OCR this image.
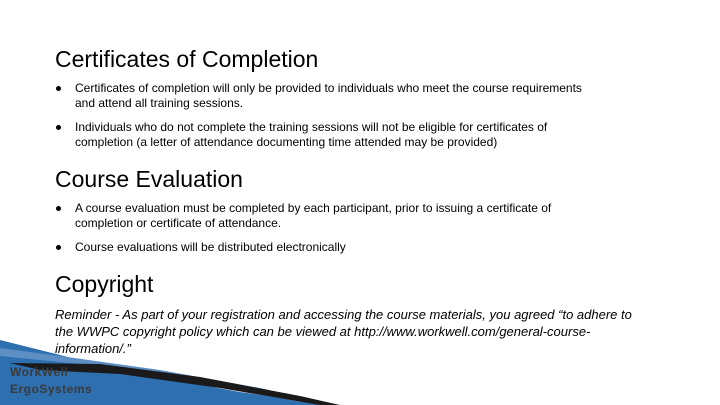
Certificates of Completion
Certificates of completion will only be provided to individuals who meet the course requirements and attend all training sessions.
Individuals who do not complete the training sessions will not be eligible for certificates of completion (a letter of attendance documenting time attended may be provided)
Course Evaluation
A course evaluation must be completed by each participant, prior to issuing a certificate of completion or certificate of attendance.
Course evaluations will be distributed electronically
Copyright

Reminder - As part of your registration and accessing the course materials, you agreed “to adhere to the WWPC copyright policy which can be viewed at http://www.workwell.com/general-course-information/.”

WorkWell
ErgoSystems
